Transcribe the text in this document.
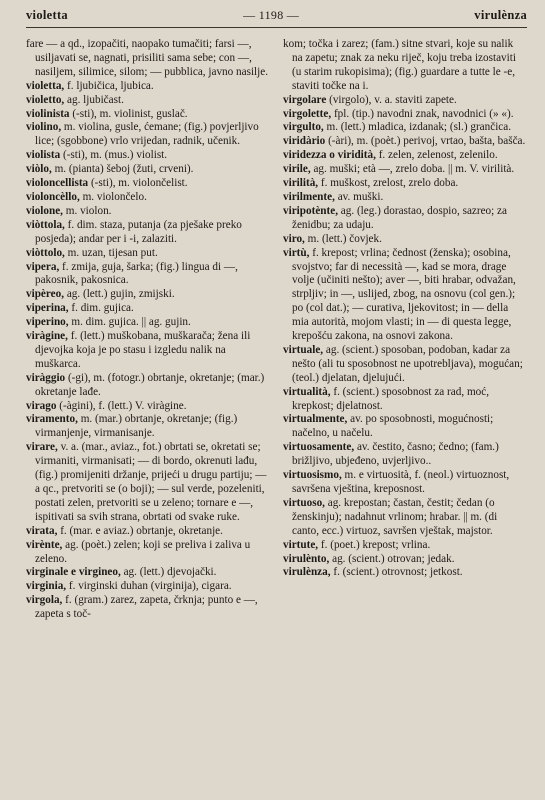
violetta	— 1198 —	virulènza

fare — a qd., izopačiti, naopako tumačiti; farsi —, usiljavati se, nagnati, prisiliti sama sebe; con —, nasiljem, silimice, silom; — pubblica, javno nasilje.

violetta, f. ljubičica, ljubica.

violetto, ag. ljubičast.

violinista (-sti), m. violinist, guslač.

violino, m. violina, gusle, ćemane; (fig.) povjerljivo lice; (sgobbone) vrlo vrijedan, radnik, učenik.

violista (-sti), m. (mus.) violist.

viòlo, m. (pianta) šeboj (žuti, crveni).

violoncellista (-sti), m. violončelist.

violoncèllo, m. violončelo.

violone, m. violon.

viòttola, f. dim. staza, putanja (za pješake preko posjeda); andar per i -i, zalaziti.

viòttolo, m. uzan, tijesan put.

vipera, f. zmija, guja, šarka; (fig.) lingua di —, pakosnik, pakosnica.

vipèreo, ag. (lett.) gujin, zmijski.

viperina, f. dim. gujica.

viperino, m. dim. gujica. || ag. gujin.

viràgine, f. (lett.) muškobana, muškarača; žena ili djevojka koja je po stasu i izgledu nalik na muškarca.

viràggio (-gi), m. (fotogr.) obrtanje, okretanje; (mar.) okretanje lađe.

virago (-àgini), f. (lett.) V. viràgine.

viramento, m. (mar.) obrtanje, okretanje; (fig.) virmanjenje, virmanisanje.

virare, v. a. (mar., aviaz., fot.) obrtati se, okretati se; virmaniti, virmanisati; — di bordo, okrenuti lađu, (fig.) promijeniti držanje, prijeći u drugu partiju; — a qc., pretvoriti se (o boji); — sul verde, pozeleniti, postati zelen, pretvoriti se u zeleno; tornare e —, ispitivati sa svih strana, obrtati od svake ruke.

virata, f. (mar. e aviaz.) obrtanje, okretanje.

virènte, ag. (poèt.) zelen; koji se preliva i zaliva u zeleno.

virginale e virgineo, ag. (lett.) djevojački.

virginia, f. virginski duhan (virginija), cigara.

virgola, f. (gram.) zarez, zapeta, črknja; punto e —, zapeta s toč-

kom; točka i zarez; (fam.) sitne stvari, koje su nalik na zapetu; znak za neku riječ, koju treba izostaviti (u starim rukopisima); (fig.) guardare a tutte le -e, staviti točke na i.

virgolare (virgolo), v. a. staviti zapete.

virgolette, fpl. (tip.) navodni znak, navodnici (» «).

virgulto, m. (lett.) mladica, izdanak; (sl.) grančica.

viridàrio (-àri), m. (poèt.) perivoj, vrtao, bašta, bašča.

viridezza o viridità, f. zelen, zelenost, zelenilo.

virile, ag. muški; età —, zrelo doba. || m. V. virilità.

virilità, f. muškost, zrelost, zrelo doba.

virilmente, av. muški.

viripotènte, ag. (leg.) dorastao, dospio, sazreo; za ženidbu; za udaju.

viro, m. (lett.) čovjek.

virtù, f. krepost; vrlina; čednost (ženska); osobina, svojstvo; far di necessità —, kad se mora, drage volje (učiniti nešto); aver —, biti hrabar, odvažan, strpljiv; in —, uslijed, zbog, na osnovu (col gen.); po (col dat.); — curativa, ljekovitost; in — della mia autorità, mojom vlasti; in — di questa legge, krepošću zakona, na osnovi zakona.

virtuale, ag. (scient.) sposoban, podoban, kadar za nešto (ali tu sposobnost ne upotrebljava), mogućan; (teol.) djelatan, djelujući.

virtualità, f. (scient.) sposobnost za rad, moć, krepkost; djelatnost.

virtualmente, av. po sposobnosti, mogućnosti; načelno, u načelu.

virtuosamente, av. čestito, časno; čedno; (fam.) brižljivo, ubjeđeno, uvjerljivo..

virtuosismo, m. e virtuosità, f. (neol.) virtuoznost, savršena vještina, kreposnost.

virtuoso, ag. krepostan; častan, čestit; čedan (o ženskinju); nadahnut vrlinom; hrabar. || m. (di canto, ecc.) virtuoz, savršen vještak, majstor.

virtute, f. (poet.) krepost; vrlina.

virulènto, ag. (scient.) otrovan; jedak.

virulènza, f. (scient.) otrovnost; jetkost.
